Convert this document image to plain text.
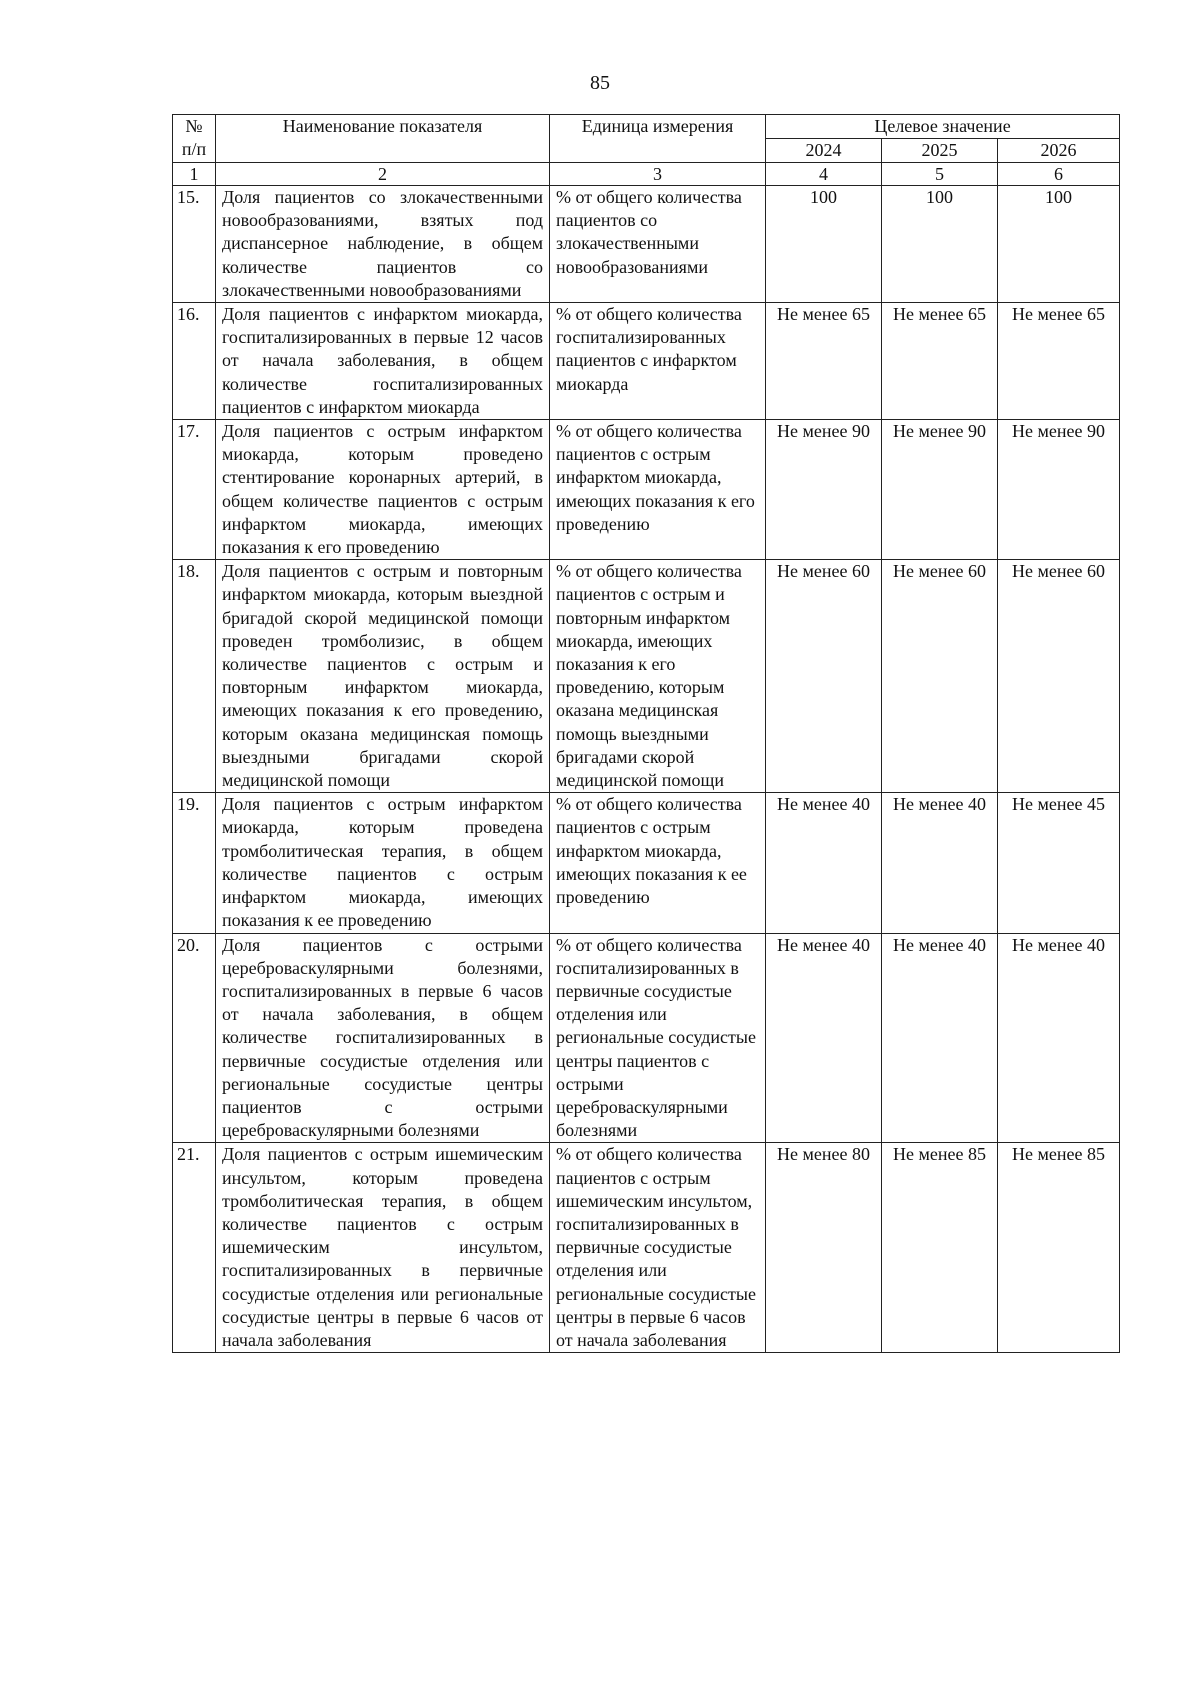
85
№ п/п	Наименование показателя	Единица измерения	Целевое значение		
			2024	2025	2026
1	2	3	4	5	6
15.	Доля пациентов со злокачественными новообразованиями, взятых под диспансерное наблюдение, в общем количестве пациентов со злокачественными новообразованиями	% от общего количества пациентов со злокачественными новообразованиями	100	100	100
16.	Доля пациентов с инфарктом миокарда, госпитализированных в первые 12 часов от начала заболевания, в общем количестве госпитализированных пациентов с инфарктом миокарда	% от общего количества госпитализированных пациентов с инфарктом миокарда	Не менее 65	Не менее 65	Не менее 65
17.	Доля пациентов с острым инфарктом миокарда, которым проведено стентирование коронарных артерий, в общем количестве пациентов с острым инфарктом миокарда, имеющих показания к его проведению	% от общего количества пациентов с острым инфарктом миокарда, имеющих показания к его проведению	Не менее 90	Не менее 90	Не менее 90
18.	Доля пациентов с острым и повторным инфарктом миокарда, которым выездной бригадой скорой медицинской помощи проведен тромболизис, в общем количестве пациентов с острым и повторным инфарктом миокарда, имеющих показания к его проведению, которым оказана медицинская помощь выездными бригадами скорой медицинской помощи	% от общего количества пациентов с острым и повторным инфарктом миокарда, имеющих показания к его проведению, которым оказана медицинская помощь выездными бригадами скорой медицинской помощи	Не менее 60	Не менее 60	Не менее 60
19.	Доля пациентов с острым инфарктом миокарда, которым проведена тромболитическая терапия, в общем количестве пациентов с острым инфарктом миокарда, имеющих показания к ее проведению	% от общего количества пациентов с острым инфарктом миокарда, имеющих показания к ее проведению	Не менее 40	Не менее 40	Не менее 45
20.	Доля пациентов с острыми цереброваскулярными болезнями, госпитализированных в первые 6 часов от начала заболевания, в общем количестве госпитализированных в первичные сосудистые отделения или региональные сосудистые центры пациентов с острыми цереброваскулярными болезнями	% от общего количества госпитализированных в первичные сосудистые отделения или региональные сосудистые центры пациентов с острыми цереброваскулярными болезнями	Не менее 40	Не менее 40	Не менее 40
21.	Доля пациентов с острым ишемическим инсультом, которым проведена тромболитическая терапия, в общем количестве пациентов с острым ишемическим инсультом, госпитализированных в первичные сосудистые отделения или региональные сосудистые центры в первые 6 часов от начала заболевания	% от общего количества пациентов с острым ишемическим инсультом, госпитализированных в первичные сосудистые отделения или региональные сосудистые центры в первые 6 часов от начала заболевания	Не менее 80	Не менее 85	Не менее 85
